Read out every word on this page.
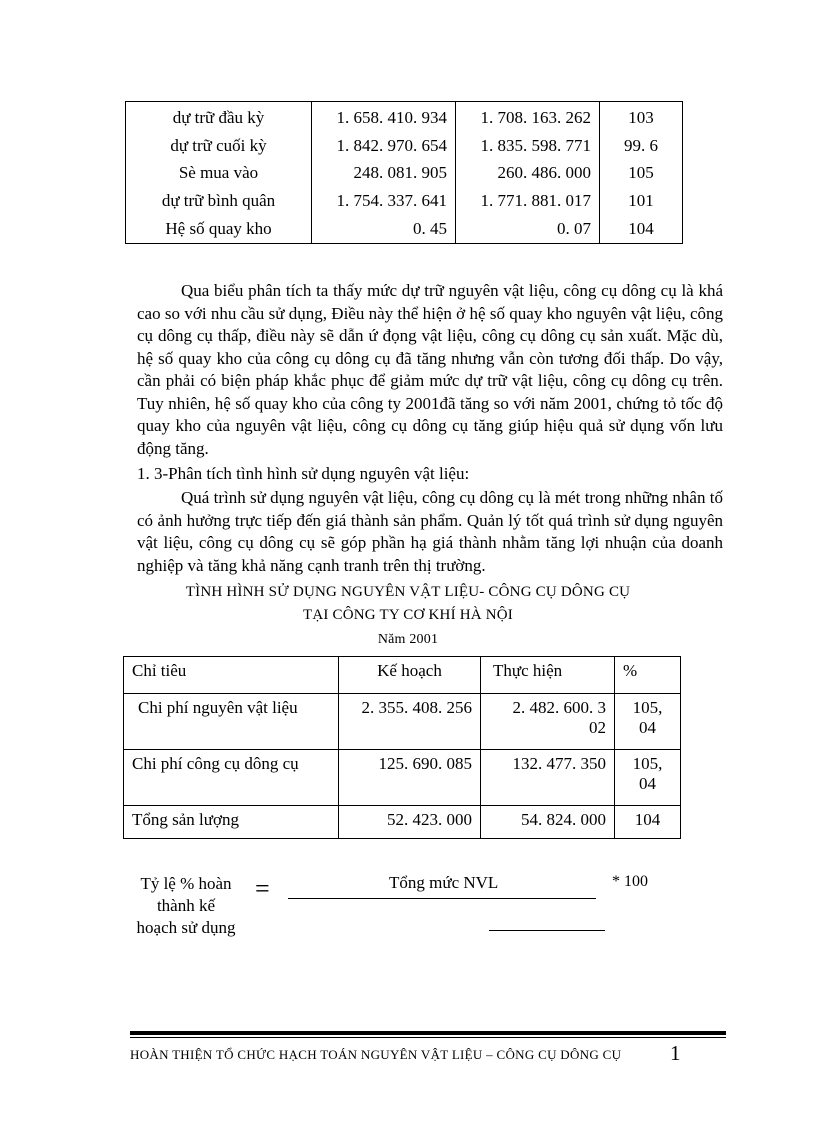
dự trữ đầu kỳ	1. 658. 410. 934	1. 708. 163. 262	103
dự trữ cuối kỳ	1. 842. 970. 654	1. 835. 598. 771	99. 6
Sè mua vào	248. 081. 905	260. 486. 000	105
dự trữ bình quân	1. 754. 337. 641	1. 771. 881. 017	101
Hệ số quay kho	0. 45	0. 07	104

Qua biểu phân tích ta thấy mức dự trữ nguyên vật liệu, công cụ dông cụ là khá cao so với nhu cầu sử dụng, Điều này thể hiện ở hệ số quay kho nguyên vật liệu, công cụ dông cụ thấp, điều này sẽ dẫn ứ đọng vật liệu, công cụ dông cụ sản xuất. Mặc dù, hệ số quay kho của công cụ dông cụ đã tăng nhưng vẫn còn tương đối thấp. Do vậy, cần phải có biện pháp khắc phục để giảm mức dự trữ vật liệu, công cụ dông cụ trên. Tuy nhiên, hệ số quay kho của công ty 2001đã tăng so với năm 2001, chứng tỏ tốc độ quay kho của nguyên vật liệu, công cụ dông cụ tăng giúp hiệu quả sử dụng vốn lưu động tăng.

1. 3-Phân tích tình hình sử dụng nguyên vật liệu:

Quá trình sử dụng nguyên vật liệu, công cụ dông cụ là mét trong những nhân tố có ảnh hưởng trực tiếp đến giá thành sản phẩm. Quản lý tốt quá trình sử dụng nguyên vật liệu, công cụ dông cụ sẽ góp phần hạ giá thành nhằm tăng lợi nhuận của doanh nghiệp và tăng khả năng cạnh tranh trên thị trường.

TÌNH HÌNH SỬ DỤNG NGUYÊN VẬT LIỆU- CÔNG CỤ DÔNG CỤ
TẠI CÔNG TY CƠ KHÍ HÀ NỘI
Năm 2001
Chỉ tiêu	Kế hoạch	Thực hiện	%
Chi phí nguyên vật liệu	2. 355. 408. 256	2. 482. 600. 302	105, 04

Chi phí công cụ dông cụ	125. 690. 085	132. 477. 350	105, 04

Tổng sản lượng	52. 423. 000	54. 824. 000	104
Tỷ lệ % hoàn
thành kế
hoạch sử dụng
=	Tổng mức NVL	* 100
HOÀN THIỆN TỔ CHỨC HẠCH TOÁN NGUYÊN VẬT LIỆU – CÔNG CỤ DÔNG CỤ 1
